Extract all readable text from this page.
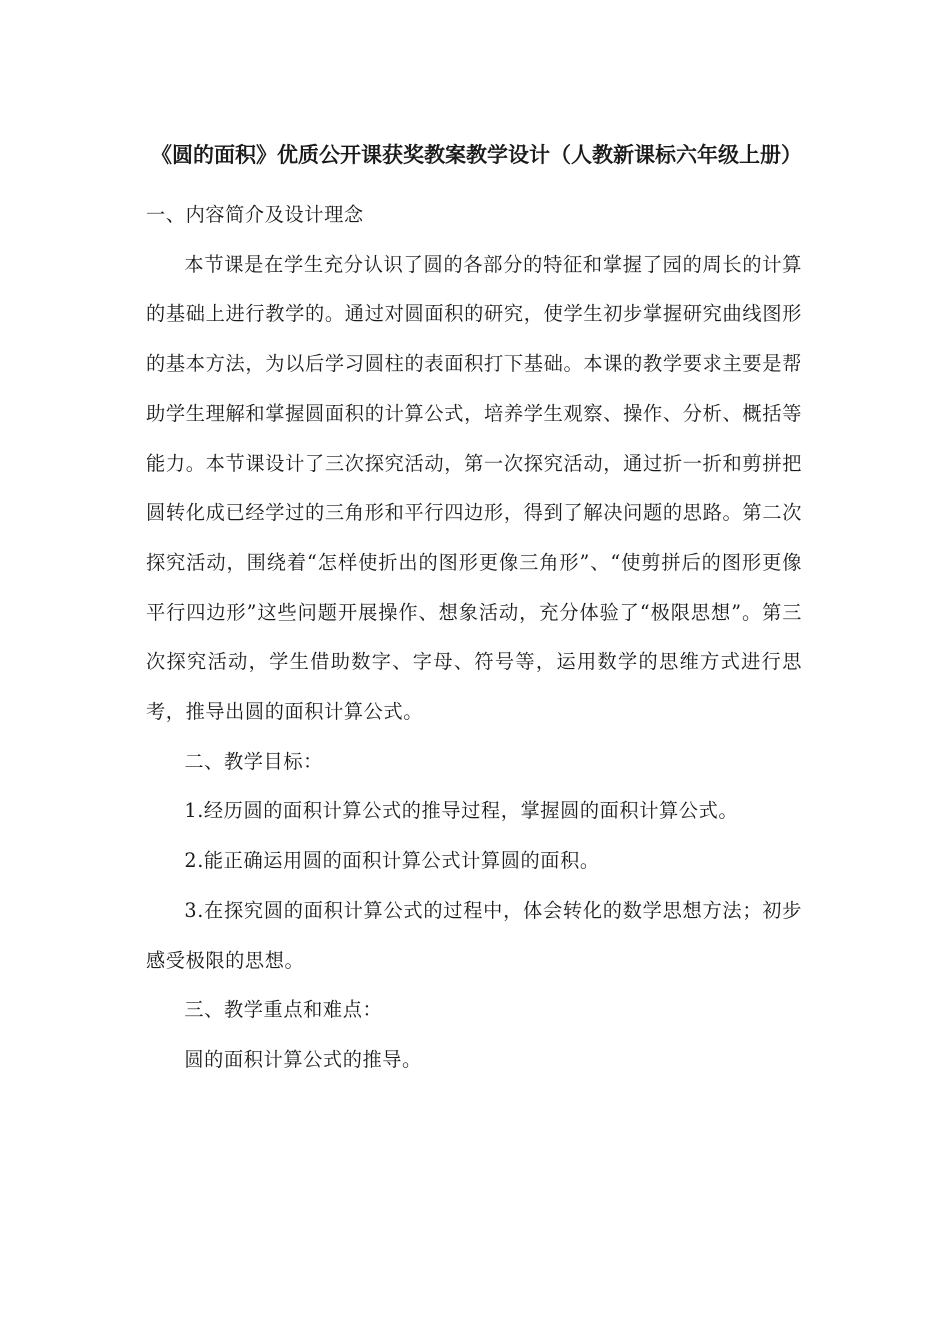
《圆的面积》优质公开课获奖教案教学设计（人教新课标六年级上册）

一、内容简介及设计理念

本节课是在学生充分认识了圆的各部分的特征和掌握了园的周长的计算的基础上进行教学的。通过对圆面积的研究，使学生初步掌握研究曲线图形的基本方法，为以后学习圆柱的表面积打下基础。本课的教学要求主要是帮助学生理解和掌握圆面积的计算公式，培养学生观察、操作、分析、概括等能力。本节课设计了三次探究活动，第一次探究活动，通过折一折和剪拼把圆转化成已经学过的三角形和平行四边形，得到了解决问题的思路。第二次探究活动，围绕着“怎样使折出的图形更像三角形”、“使剪拼后的图形更像平行四边形”这些问题开展操作、想象活动，充分体验了“极限思想”。第三次探究活动，学生借助数字、字母、符号等，运用数学的思维方式进行思考，推导出圆的面积计算公式。

二、教学目标：

1.经历圆的面积计算公式的推导过程，掌握圆的面积计算公式。

2.能正确运用圆的面积计算公式计算圆的面积。

3.在探究圆的面积计算公式的过程中，体会转化的数学思想方法；初步感受极限的思想。

三、教学重点和难点：

圆的面积计算公式的推导。
